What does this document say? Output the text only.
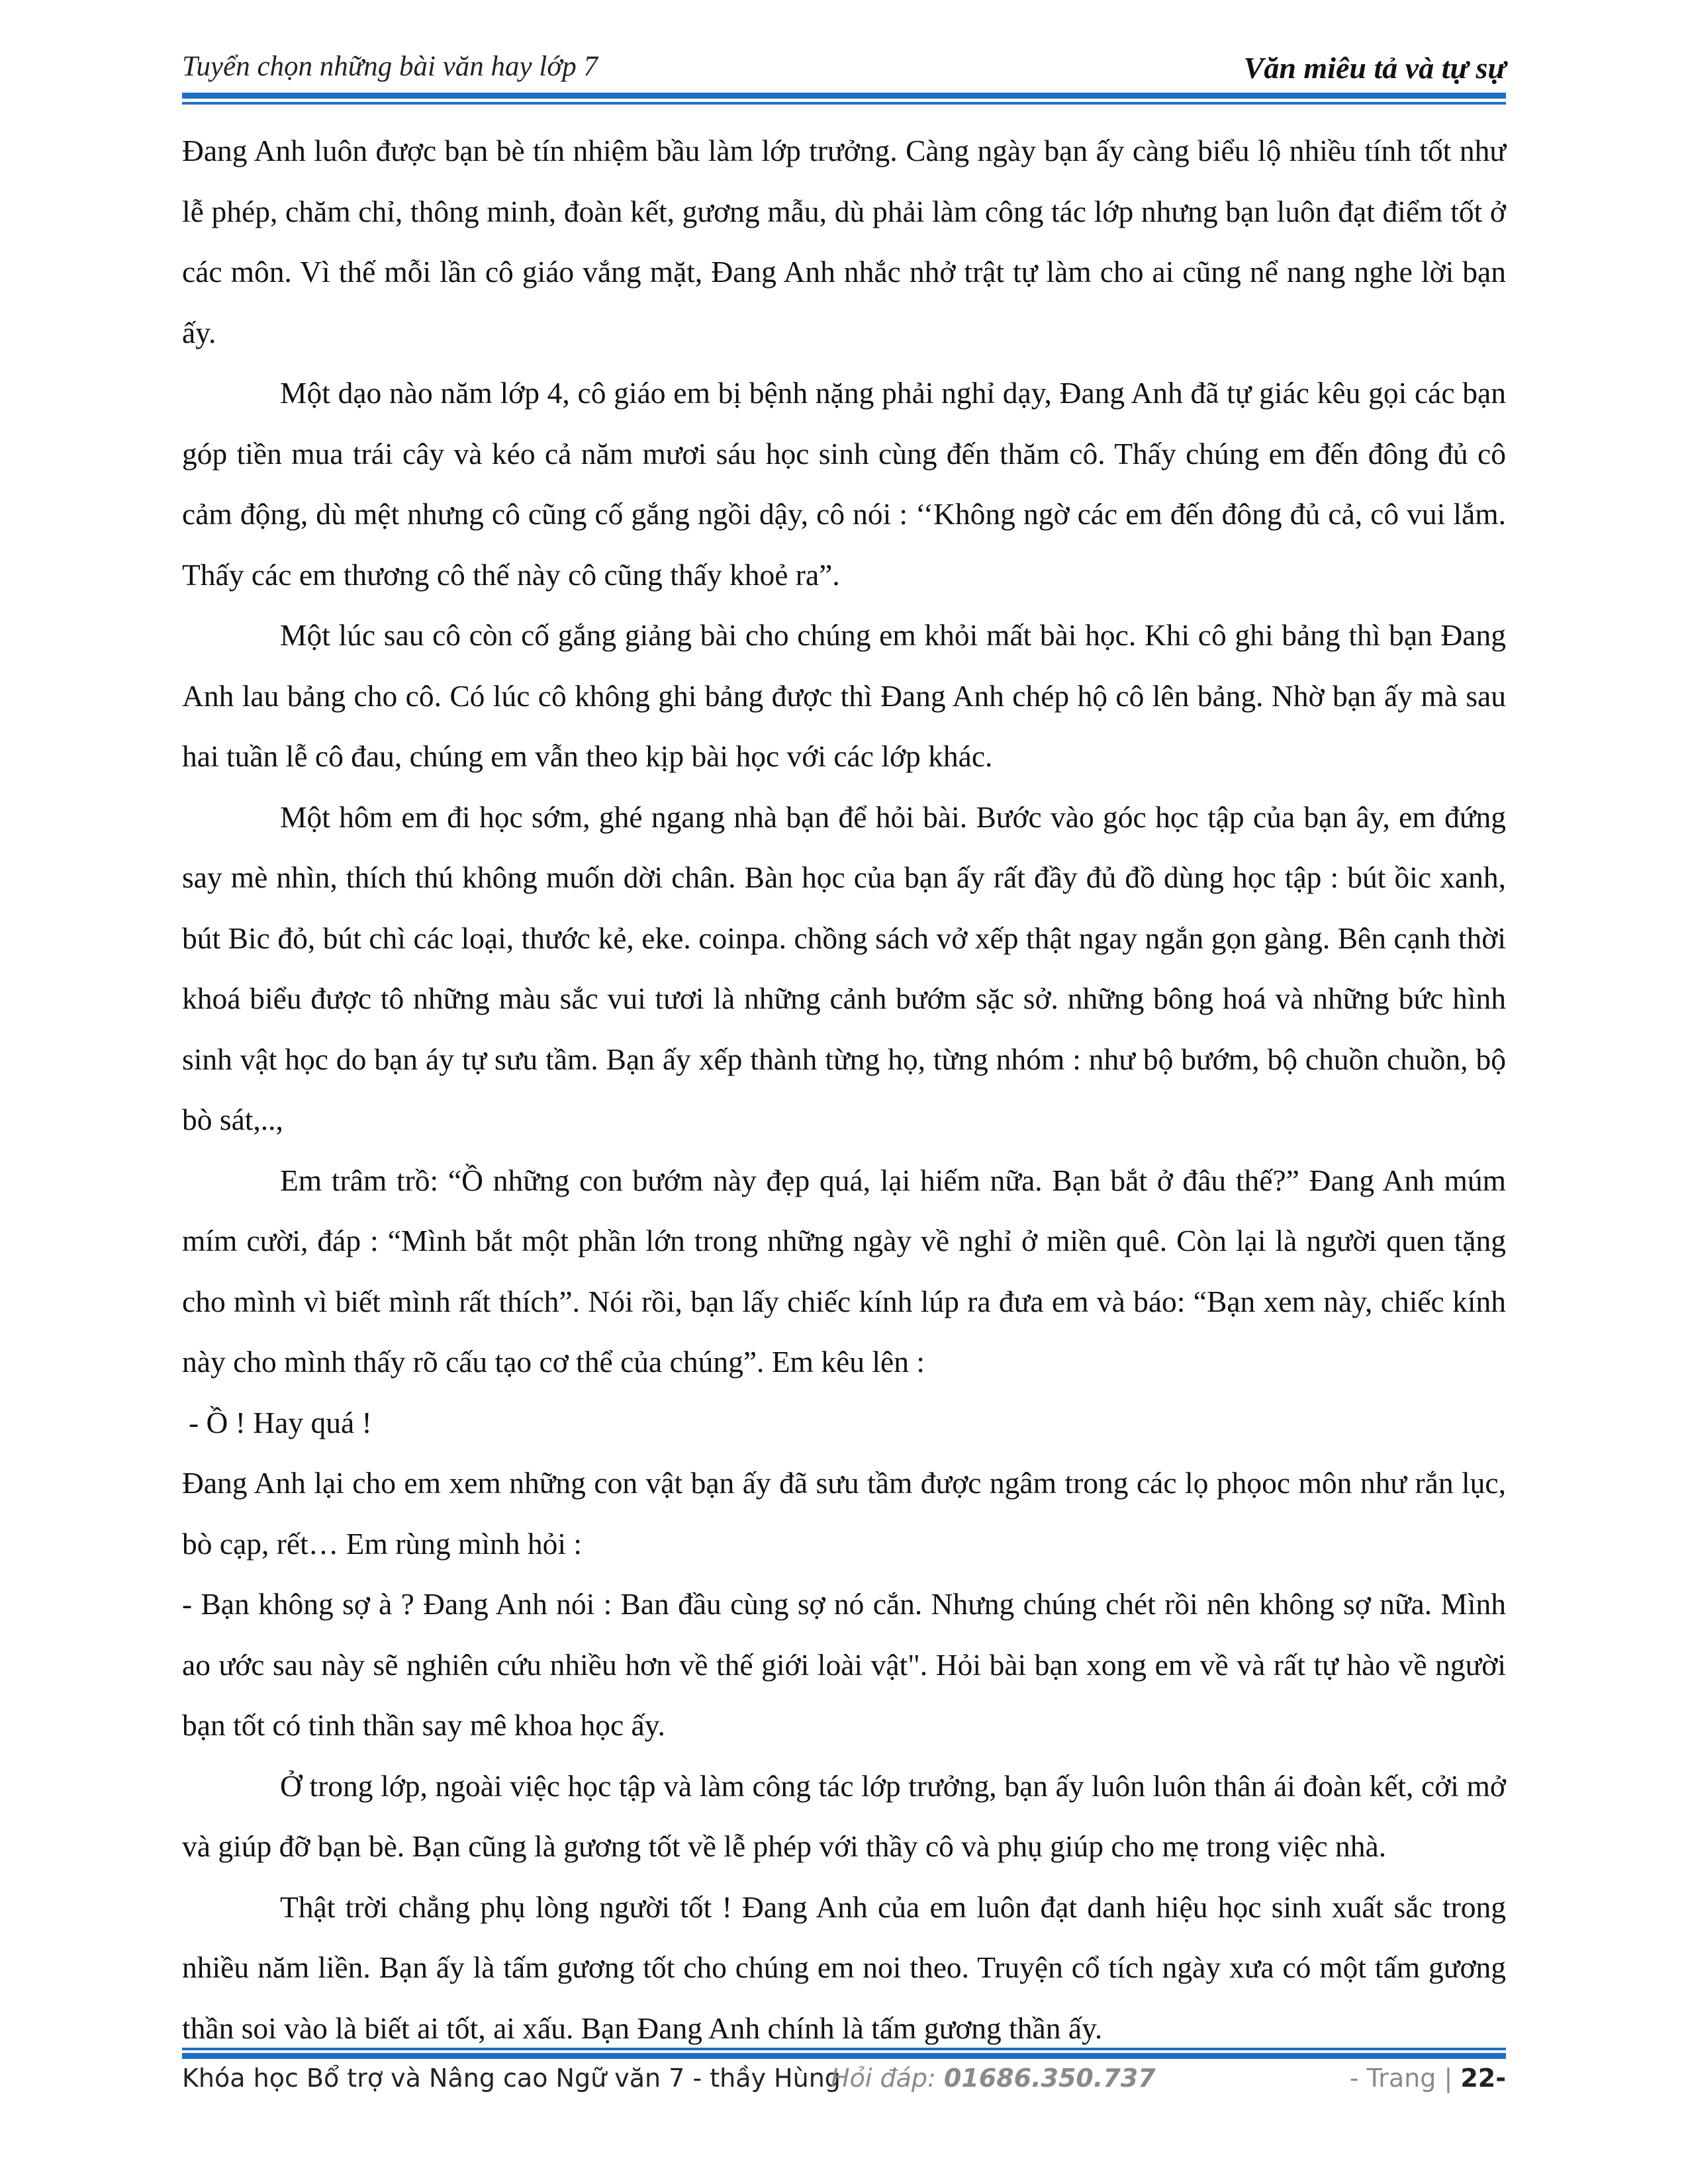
Tuyển chọn những bài văn hay lớp 7	Văn miêu tả và tự sự

Đang Anh luôn được bạn bè tín nhiệm bầu làm lớp trưởng. Càng ngày bạn ấy càng biểu lộ nhiều tính tốt như lễ phép, chăm chỉ, thông minh, đoàn kết, gương mẫu, dù phải làm công tác lớp nhưng bạn luôn đạt điểm tốt ở các môn. Vì thế mỗi lần cô giáo vắng mặt, Đang Anh nhắc nhở trật tự làm cho ai cũng nể nang nghe lời bạn ấy.

Một dạo nào năm lớp 4, cô giáo em bị bệnh nặng phải nghỉ dạy, Đang Anh đã tự giác kêu gọi các bạn góp tiền mua trái cây và kéo cả năm mươi sáu học sinh cùng đến thăm cô. Thấy chúng em đến đông đủ cô cảm động, dù mệt nhưng cô cũng cố gắng ngồi dậy, cô nói : ‘‘Không ngờ các em đến đông đủ cả, cô vui lắm. Thấy các em thương cô thế này cô cũng thấy khoẻ ra”.

Một lúc sau cô còn cố gắng giảng bài cho chúng em khỏi mất bài học. Khi cô ghi bảng thì bạn Đang Anh lau bảng cho cô. Có lúc cô không ghi bảng được thì Đang Anh chép hộ cô lên bảng. Nhờ bạn ấy mà sau hai tuần lễ cô đau, chúng em vẫn theo kịp bài học với các lớp khác.

Một hôm em đi học sớm, ghé ngang nhà bạn để hỏi bài. Bước vào góc học tập của bạn ây, em đứng say mè nhìn, thích thú không muốn dời chân. Bàn học của bạn ấy rất đầy đủ đồ dùng học tập : bút ồic xanh, bút Bic đỏ, bút chì các loại, thước kẻ, eke. coinpa. chồng sách vở xếp thật ngay ngắn gọn gàng. Bên cạnh thời khoá biểu được tô những màu sắc vui tươi là những cảnh bướm sặc sở. những bông hoá và những bức hình sinh vật học do bạn áy tự sưu tầm. Bạn ấy xếp thành từng họ, từng nhóm : như bộ bướm, bộ chuồn chuồn, bộ bò sát,..,

Em trâm trồ: “Ồ những con bướm này đẹp quá, lại hiếm nữa. Bạn bắt ở đâu thế?” Đang Anh múm mím cười, đáp : “Mình bắt một phần lớn trong những ngày về nghỉ ở miền quê. Còn lại là người quen tặng cho mình vì biết mình rất thích”. Nói rồi, bạn lấy chiếc kính lúp ra đưa em và báo: “Bạn xem này, chiếc kính này cho mình thấy rõ cấu tạo cơ thể của chúng”. Em kêu lên :

- Ồ ! Hay quá !

Đang Anh lại cho em xem những con vật bạn ấy đã sưu tầm được ngâm trong các lọ phọoc môn như rắn lục, bò cạp, rết… Em rùng mình hỏi :

- Bạn không sợ à ? Đang Anh nói : Ban đầu cùng sợ nó cắn. Nhưng chúng chét rồi nên không sợ nữa. Mình ao ước sau này sẽ nghiên cứu nhiều hơn về thế giới loài vật". Hỏi bài bạn xong em về và rất tự hào về người bạn tốt có tinh thần say mê khoa học ấy.

Ở trong lớp, ngoài việc học tập và làm công tác lớp trưởng, bạn ấy luôn luôn thân ái đoàn kết, cởi mở và giúp đỡ bạn bè. Bạn cũng là gương tốt về lễ phép với thầy cô và phụ giúp cho mẹ trong việc nhà.

Thật trời chẳng phụ lòng người tốt ! Đang Anh của em luôn đạt danh hiệu học sinh xuất sắc trong nhiều năm liền. Bạn ấy là tấm gương tốt cho chúng em noi theo. Truyện cổ tích ngày xưa có một tấm gương thần soi vào là biết ai tốt, ai xấu. Bạn Đang Anh chính là tấm gương thần ấy.

Khóa học Bổ trợ và Nâng cao Ngữ văn 7 - thầy Hùng
Hỏi đáp: 01686.350.737	- Trang | 22-
